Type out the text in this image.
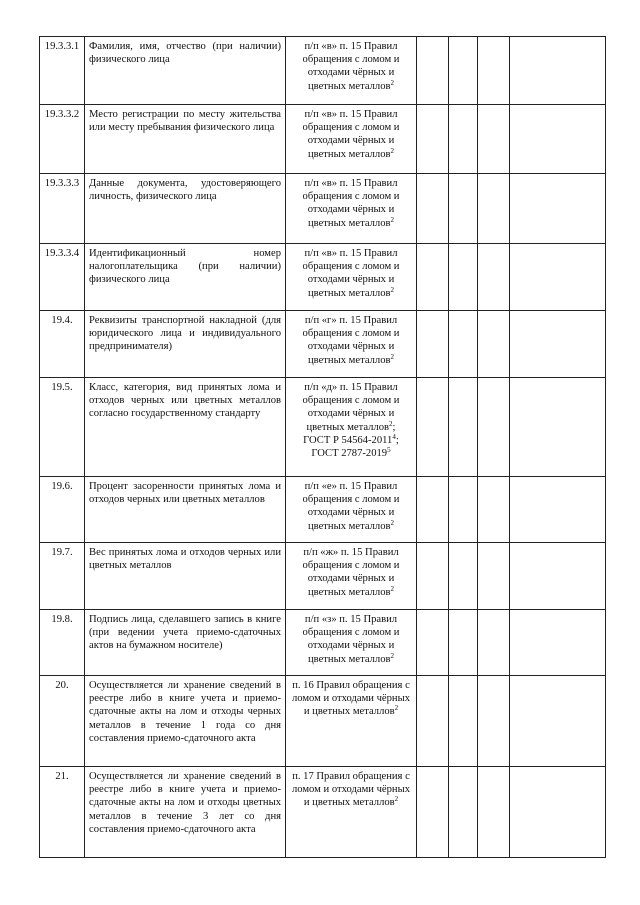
19.3.3.1	Фамилия, имя, отчество (при наличии) физического лица	п/п «в» п. 15 Правил обращения с ломом и отходами чёрных и цветных металлов$^2$

19.3.3.2	Место регистрации по месту жительства или месту пребывания физического лица	п/п «в» п. 15 Правил обращения с ломом и отходами чёрных и цветных металлов$^2$

19.3.3.3	Данные документа, удостоверяющего личность, физического лица	п/п «в» п. 15 Правил обращения с ломом и отходами чёрных и цветных металлов$^2$

19.3.3.4	Идентификационный номер налогоплательщика (при наличии) физического лица	п/п «в» п. 15 Правил обращения с ломом и отходами чёрных и цветных металлов$^2$

19.4.	Реквизиты транспортной накладной (для юридического лица и индивидуального предпринимателя)	п/п «г» п. 15 Правил обращения с ломом и отходами чёрных и цветных металлов$^2$

19.5.	Класс, категория, вид принятых лома и отходов черных или цветных металлов согласно государственному стандарту	п/п «д» п. 15 Правил обращения с ломом и отходами чёрных и цветных металлов$^2$;
ГОСТ Р 54564-2011$^4$;
ГОСТ 2787-2019$^5$

19.6.	Процент засоренности принятых лома и отходов черных или цветных металлов	п/п «е» п. 15 Правил обращения с ломом и отходами чёрных и цветных металлов$^2$

19.7.	Вес принятых лома и отходов черных или цветных металлов	п/п «ж» п. 15 Правил обращения с ломом и отходами чёрных и цветных металлов$^2$

19.8.	Подпись лица, сделавшего запись в книге (при ведении учета приемо-сдаточных актов на бумажном носителе)	п/п «з» п. 15 Правил обращения с ломом и отходами чёрных и цветных металлов$^2$

20.	Осуществляется ли хранение сведений в реестре либо в книге учета и приемо-сдаточные акты на лом и отходы черных металлов в течение 1 года со дня составления приемо-сдаточного акта	п. 16 Правил обращения с ломом и отходами чёрных и цветных металлов$^2$

21.	Осуществляется ли хранение сведений в реестре либо в книге учета и приемо-сдаточные акты на лом и отходы цветных металлов в течение 3 лет со дня составления приемо-сдаточного акта	п. 17 Правил обращения с ломом и отходами чёрных и цветных металлов$^2$
